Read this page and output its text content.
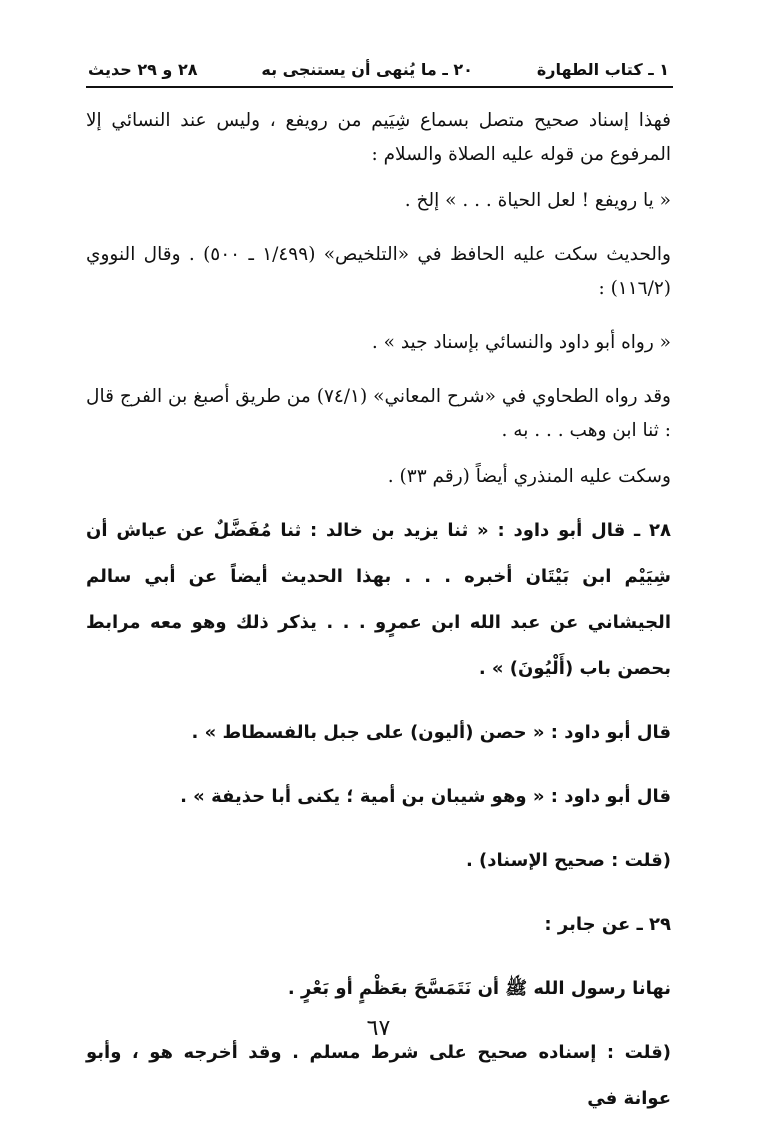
١ ـ كتاب الطهارة
٢٠ ـ ما يُنهى أن يستنجى به
٢٨ و ٢٩ حديث

فهذا إسناد صحيح متصل بسماع شِيَيم من رويفع ، وليس عند النسائي إلا المرفوع من قوله عليه الصلاة والسلام :

« يا رويفع ! لعل الحياة . . . » إلخ .

والحديث سكت عليه الحافظ في «التلخيص» (١/٤٩٩ ـ ٥٠٠) . وقال النووي (١١٦/٢) :

« رواه أبو داود والنسائي بإسناد جيد » .

وقد رواه الطحاوي في «شرح المعاني» (٧٤/١) من طريق أصبغ بن الفرج قال : ثنا ابن وهب . . . به .

وسكت عليه المنذري أيضاً (رقم ٣٣) .

٢٨ ـ قال أبو داود : « ثنا يزيد بن خالد : ثنا مُفَضَّلٌ عن عياش أن شِيَيْم ابن بَيْتَان أخبره . . . بهذا الحديث أيضاً عن أبي سالم الجيشاني عن عبد الله ابن عمرٍو . . . يذكر ذلك وهو معه مرابط بحصن باب (أَلْيُونَ) » .

قال أبو داود : « حصن (أليون) على جبل بالفسطاط » .

قال أبو داود : « وهو شيبان بن أمية ؛ يكنى أبا حذيفة » .

(قلت : صحيح الإسناد) .

٢٩ ـ عن جابر :

نهانا رسول الله ﷺ أن نَتَمَسَّحَ بعَظْمٍ أو بَعْرٍ .

(قلت : إسناده صحيح على شرط مسلم . وقد أخرجه هو ، وأبو عوانة في

٦٧
